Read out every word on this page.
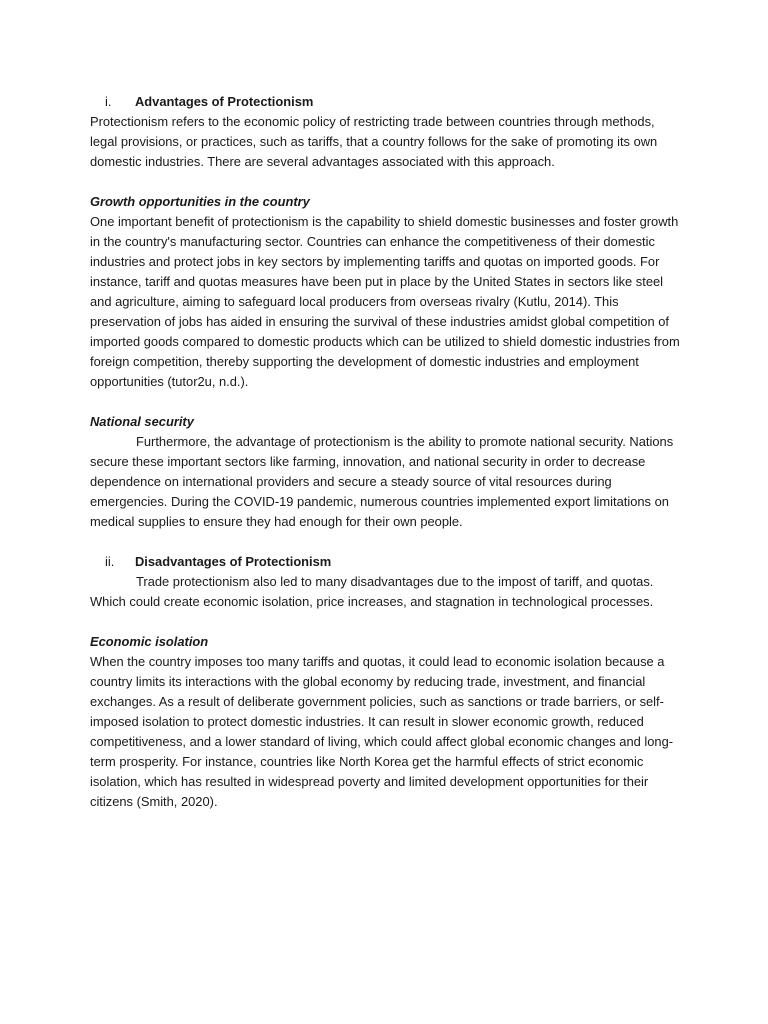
i.	Advantages of Protectionism

Protectionism refers to the economic policy of restricting trade between countries through methods, legal provisions, or practices, such as tariffs, that a country follows for the sake of promoting its own domestic industries. There are several advantages associated with this approach.

Growth opportunities in the country

One important benefit of protectionism is the capability to shield domestic businesses and foster growth in the country's manufacturing sector. Countries can enhance the competitiveness of their domestic industries and protect jobs in key sectors by implementing tariffs and quotas on imported goods. For instance, tariff and quotas measures have been put in place by the United States in sectors like steel and agriculture, aiming to safeguard local producers from overseas rivalry (Kutlu, 2014). This preservation of jobs has aided in ensuring the survival of these industries amidst global competition of imported goods compared to domestic products which can be utilized to shield domestic industries from foreign competition, thereby supporting the development of domestic industries and employment opportunities (tutor2u, n.d.).

National security

Furthermore, the advantage of protectionism is the ability to promote national security. Nations secure these important sectors like farming, innovation, and national security in order to decrease dependence on international providers and secure a steady source of vital resources during emergencies. During the COVID-19 pandemic, numerous countries implemented export limitations on medical supplies to ensure they had enough for their own people.

ii.	Disadvantages of Protectionism

Trade protectionism also led to many disadvantages due to the impost of tariff, and quotas. Which could create economic isolation, price increases, and stagnation in technological processes.

Economic isolation

When the country imposes too many tariffs and quotas, it could lead to economic isolation because a country limits its interactions with the global economy by reducing trade, investment, and financial exchanges. As a result of deliberate government policies, such as sanctions or trade barriers, or self-imposed isolation to protect domestic industries. It can result in slower economic growth, reduced competitiveness, and a lower standard of living, which could affect global economic changes and long-term prosperity. For instance, countries like North Korea get the harmful effects of strict economic isolation, which has resulted in widespread poverty and limited development opportunities for their citizens (Smith, 2020).
